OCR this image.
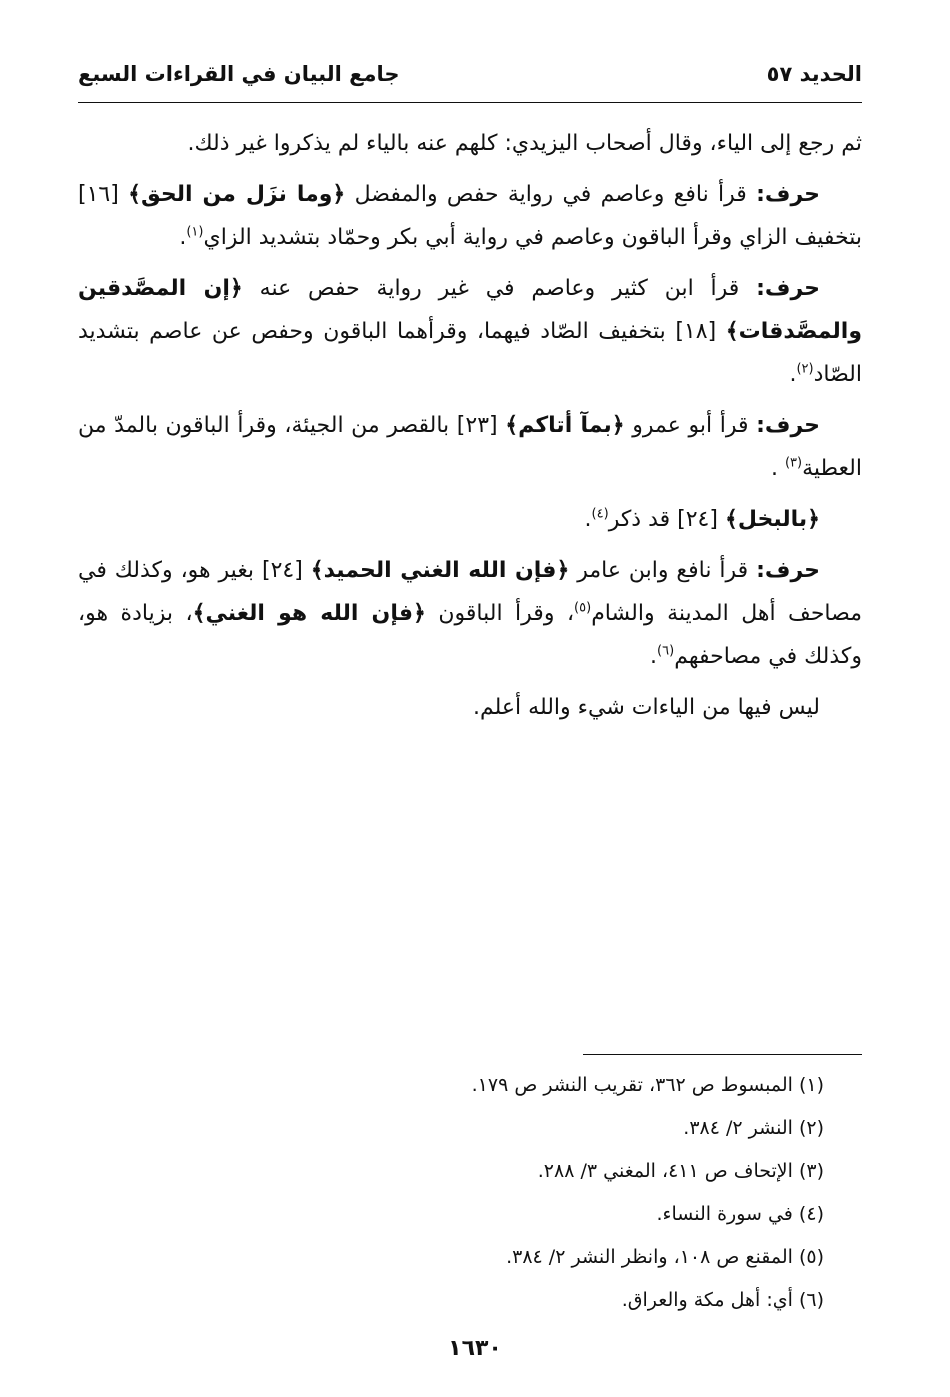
الحديد ٥٧
جامع البيان في القراءات السبع

ثم رجع إلى الياء، وقال أصحاب اليزيدي: كلهم عنه بالياء لم يذكروا غير ذلك.

حرف: قرأ نافع وعاصم في رواية حفص والمفضل ﴿وما نزَل من الحق﴾ [١٦] بتخفيف الزاي وقرأ الباقون وعاصم في رواية أبي بكر وحمّاد بتشديد الزاي$^{(١)}$.

حرف: قرأ ابن كثير وعاصم في غير رواية حفص عنه ﴿إن المصَّدقين والمصَّدقات﴾ [١٨] بتخفيف الصّاد فيهما، وقرأهما الباقون وحفص عن عاصم بتشديد الصّاد$^{(٢)}$.

حرف: قرأ أبو عمرو ﴿بمآ أتاكم﴾ [٢٣] بالقصر من الجيئة، وقرأ الباقون بالمدّ من العطية$^{(٣)}$ .

﴿بالبخل﴾ [٢٤] قد ذكر$^{(٤)}$.

حرف: قرأ نافع وابن عامر ﴿فإن الله الغني الحميد﴾ [٢٤] بغير هو، وكذلك في مصاحف أهل المدينة والشام$^{(٥)}$، وقرأ الباقون ﴿فإن الله هو الغني﴾، بزيادة هو، وكذلك في مصاحفهم$^{(٦)}$.

ليس فيها من الياءات شيء والله أعلم.

(١) المبسوط ص ٣٦٢، تقريب النشر ص ١٧٩.
(٢) النشر ٢/ ٣٨٤.
(٣) الإتحاف ص ٤١١، المغني ٣/ ٢٨٨.
(٤) في سورة النساء.
(٥) المقنع ص ١٠٨، وانظر النشر ٢/ ٣٨٤.
(٦) أي: أهل مكة والعراق.
١٦٣٠
